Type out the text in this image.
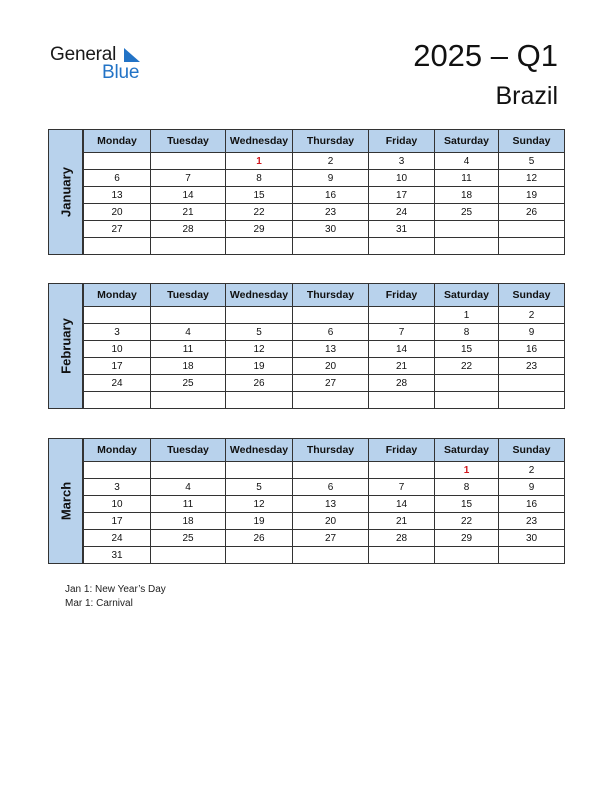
General
Blue	2025 – Q1
Brazil
January
Monday	Tuesday	Wednesday	Thursday	Friday	Saturday	Sunday
		1	2	3	4	5
6	7	8	9	10	11	12
13	14	15	16	17	18	19
20	21	22	23	24	25	26
27	28	29	30	31		

February
Monday	Tuesday	Wednesday	Thursday	Friday	Saturday	Sunday
					1	2
3	4	5	6	7	8	9
10	11	12	13	14	15	16
17	18	19	20	21	22	23
24	25	26	27	28		

March
Monday	Tuesday	Wednesday	Thursday	Friday	Saturday	Sunday
					1	2
3	4	5	6	7	8	9
10	11	12	13	14	15	16
17	18	19	20	21	22	23
24	25	26	27	28	29	30
31						
Jan 1: New Year’s Day
Mar 1: Carnival
